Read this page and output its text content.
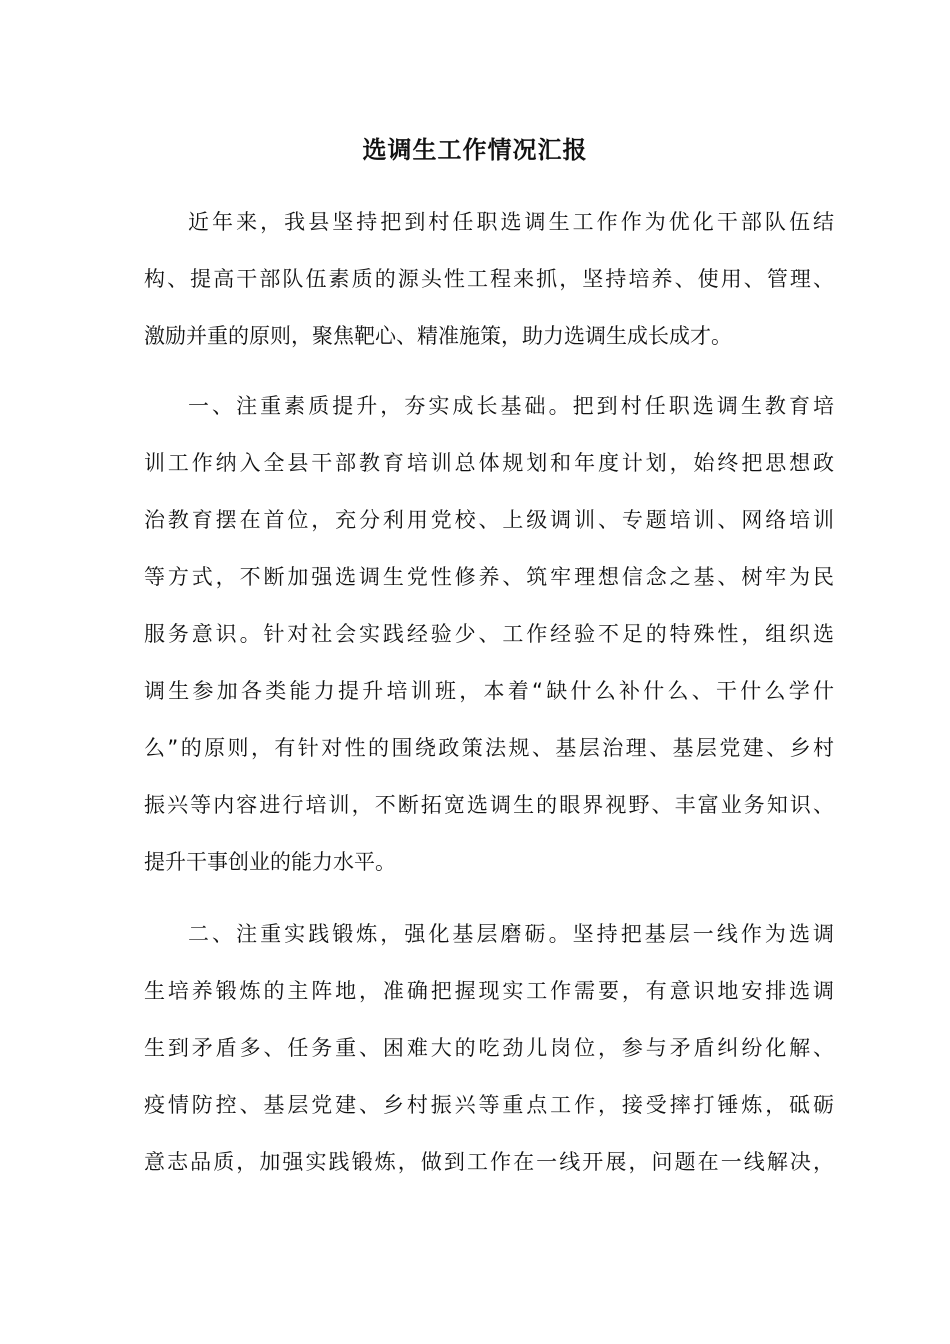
选调生工作情况汇报
近年来，我县坚持把到村任职选调生工作作为优化干部队伍结
构、提高干部队伍素质的源头性工程来抓，坚持培养、使用、管理、
激励并重的原则，聚焦靶心、精准施策，助力选调生成长成才。
一、注重素质提升，夯实成长基础。把到村任职选调生教育培
训工作纳入全县干部教育培训总体规划和年度计划，始终把思想政
治教育摆在首位，充分利用党校、上级调训、专题培训、网络培训
等方式，不断加强选调生党性修养、筑牢理想信念之基、树牢为民
服务意识。针对社会实践经验少、工作经验不足的特殊性，组织选
调生参加各类能力提升培训班，本着“缺什么补什么、干什么学什
么”的原则，有针对性的围绕政策法规、基层治理、基层党建、乡村
振兴等内容进行培训，不断拓宽选调生的眼界视野、丰富业务知识、
提升干事创业的能力水平。
二、注重实践锻炼，强化基层磨砺。坚持把基层一线作为选调
生培养锻炼的主阵地，准确把握现实工作需要，有意识地安排选调
生到矛盾多、任务重、困难大的吃劲儿岗位，参与矛盾纠纷化解、
疫情防控、基层党建、乡村振兴等重点工作，接受摔打锤炼，砥砺
意志品质，加强实践锻炼，做到工作在一线开展，问题在一线解决，
